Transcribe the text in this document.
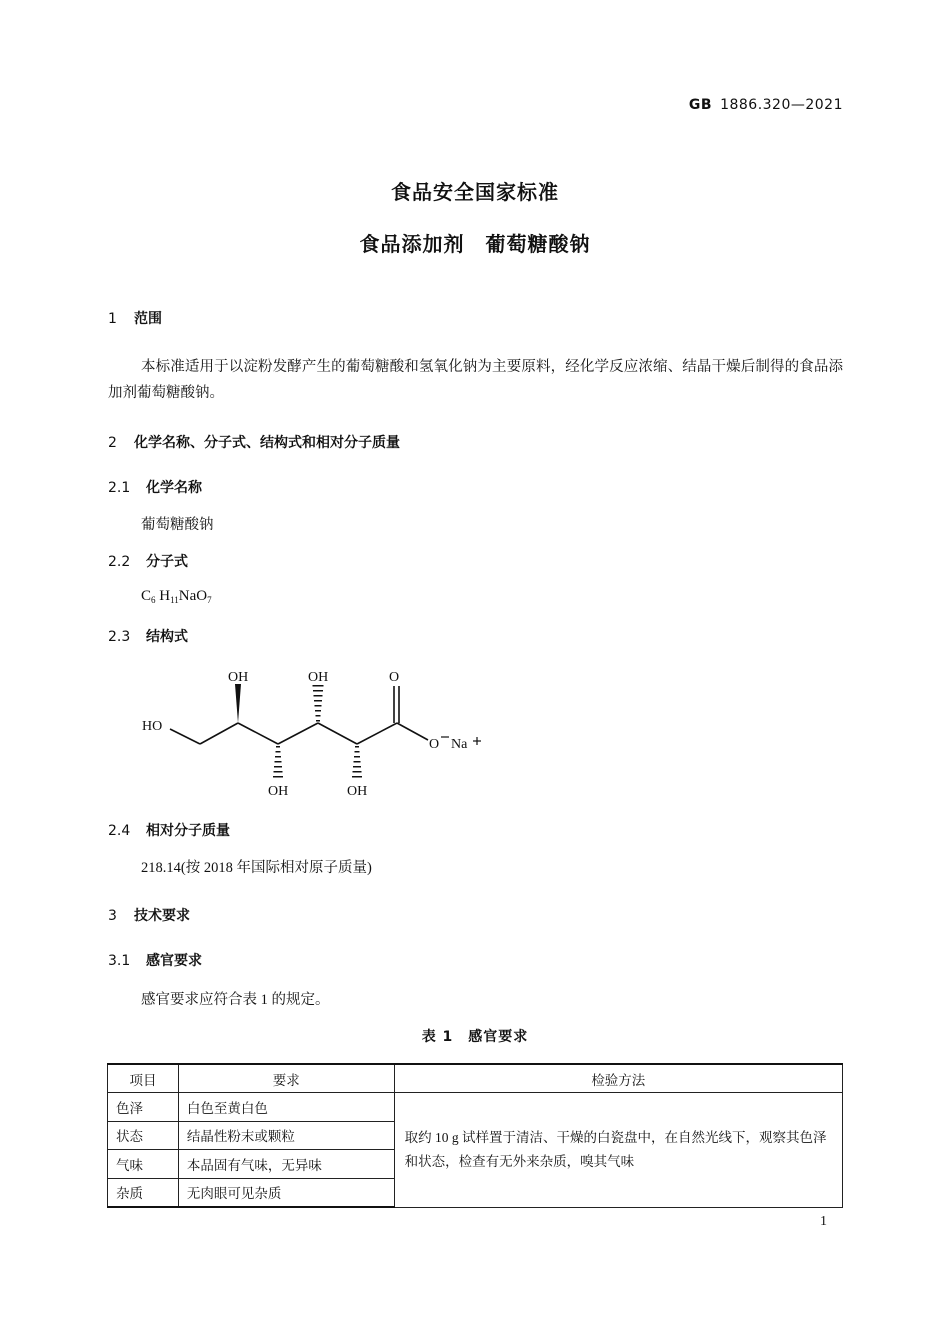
GB 1886.320—2021
食品安全国家标准
食品添加剂　葡萄糖酸钠
1 范围
本标准适用于以淀粉发酵产生的葡萄糖酸和氢氧化钠为主要原料，经化学反应浓缩、结晶干燥后制得的食品添加剂葡萄糖酸钠。
2 化学名称、分子式、结构式和相对分子质量
2.1 化学名称
葡萄糖酸钠
2.2 分子式
$C_6$ $H_{11}NaO_7$
2.3 结构式
OH	OH	O
HO
O Na
OH	OH
2.4 相对分子质量
218.14(按 2018 年国际相对原子质量)
3 技术要求
3.1 感官要求
感官要求应符合表 1 的规定。
表 1　感官要求
项目	要求	检验方法
色泽	白色至黄白色	取约 10 g 试样置于清洁、干燥的白瓷盘中，在自然光线下，观察其色泽和状态，检查有无外来杂质，嗅其气味
状态	结晶性粉末或颗粒	
气味	本品固有气味，无异味	
杂质	无肉眼可见杂质	
1
